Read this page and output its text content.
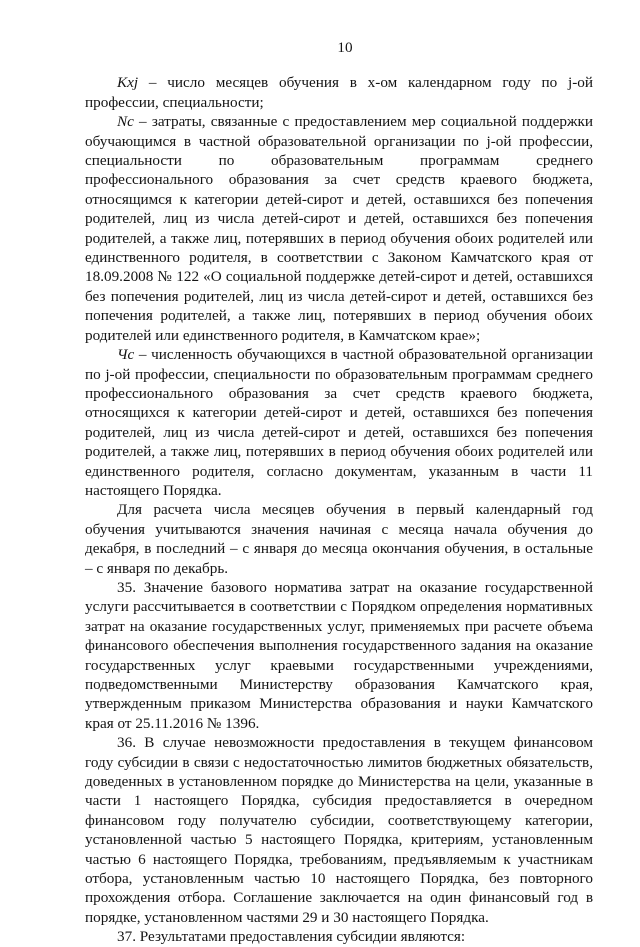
10

Kxj – число месяцев обучения в х-ом календарном году по j-ой профессии, специальности;

Nc – затраты, связанные с предоставлением мер социальной поддержки обучающимся в частной образовательной организации по j-ой профессии, специальности по образовательным программам среднего профессионального образования за счет средств краевого бюджета, относящимся к категории детей-сирот и детей, оставшихся без попечения родителей, лиц из числа детей-сирот и детей, оставшихся без попечения родителей, а также лиц, потерявших в период обучения обоих родителей или единственного родителя, в соответствии с Законом Камчатского края от 18.09.2008 № 122 «О социальной поддержке детей-сирот и детей, оставшихся без попечения родителей, лиц из числа детей-сирот и детей, оставшихся без попечения родителей, а также лиц, потерявших в период обучения обоих родителей или единственного родителя, в Камчатском крае»;

Чc – численность обучающихся в частной образовательной организации по j-ой профессии, специальности по образовательным программам среднего профессионального образования за счет средств краевого бюджета, относящихся к категории детей-сирот и детей, оставшихся без попечения родителей, лиц из числа детей-сирот и детей, оставшихся без попечения родителей, а также лиц, потерявших в период обучения обоих родителей или единственного родителя, согласно документам, указанным в части 11 настоящего Порядка.

Для расчета числа месяцев обучения в первый календарный год обучения учитываются значения начиная с месяца начала обучения до декабря, в последний – с января до месяца окончания обучения, в остальные – с января по декабрь.

35. Значение базового норматива затрат на оказание государственной услуги рассчитывается в соответствии с Порядком определения нормативных затрат на оказание государственных услуг, применяемых при расчете объема финансового обеспечения выполнения государственного задания на оказание государственных услуг краевыми государственными учреждениями, подведомственными Министерству образования Камчатского края, утвержденным приказом Министерства образования и науки Камчатского края от 25.11.2016 № 1396.

36. В случае невозможности предоставления в текущем финансовом году субсидии в связи с недостаточностью лимитов бюджетных обязательств, доведенных в установленном порядке до Министерства на цели, указанные в части 1 настоящего Порядка, субсидия предоставляется в очередном финансовом году получателю субсидии, соответствующему категории, установленной частью 5 настоящего Порядка, критериям, установленным частью 6 настоящего Порядка, требованиям, предъявляемым к участникам отбора, установленным частью 10 настоящего Порядка, без повторного прохождения отбора. Соглашение заключается на один финансовый год в порядке, установленном частями 29 и 30 настоящего Порядка.

37. Результатами предоставления субсидии являются:
